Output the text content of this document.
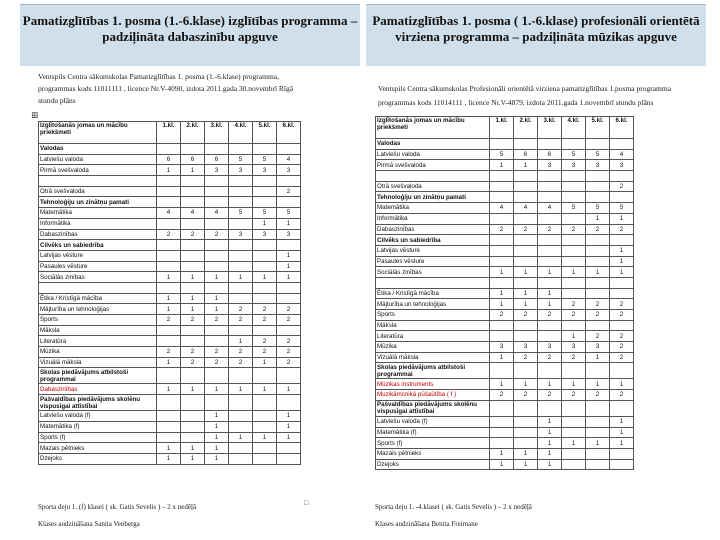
Pamatizglītības 1. posma (1.-6.klase) izglītības programma – padziļināta dabaszinību apguve
Pamatizglītības 1. posma ( 1.-6.klase) profesionāli orientētā virziena programma – padziļināta mūzikas apguve
Ventspils Centra sākumskolas Pamatizglītības 1. posma (1.-6.klase) programma,
programmas kods 11011111 , licence Nr.V-4090, izdota 2011.gada 30.novembrī Rīgā
stundu plāns
⊞
Izglītošanās jomas un mācību priekšmeti	1.kl.	2.kl.	3.kl.	4.kl.	5.kl.	6.kl.
Valodas						
Latviešu valoda	6	6	6	5	5	4
Pirmā svešvaloda	1	1	3	3	3	3

Otrā svešvaloda						2
Tehnoloģiju un zinātņu pamati						
Matemātika	4	4	4	5	5	5
Informātika					1	1
Dabaszinības	2	2	2	3	3	3
Cilvēks un sabiedrība						
Latvijas vēsture						1
Pasaules vēsture						1
Sociālās zinības	1	1	1	1	1	1

Ētika / Kristīgā mācība	1	1	1			
Mājturība un tehnoloģijas	1	1	1	2	2	2
Sports	2	2	2	2	2	2
Māksla						
Literatūra				1	2	2
Mūzika	2	2	2	2	2	2
Vizuālā māksla	1	2	2	2	1	2
Skolas piedāvājums atbilstoši programmai						
Dabaszinības	1	1	1	1	1	1
Pašvaldības piedāvājums skolēnu vispusīgai attīstībai						
Latviešu valoda (f)			1			1
Matemātika (f)			1			1
Sports (f)			1	1	1	1
Mazais pētnieks	1	1	1			
Dzejoks	1	1	1			
Sporta deju 1. (f) klasei ( sk. Gatis Sevelis ) – 2 x nedēļā
Klases audzināšana Sanita Venberga
□
Ventspils Centra sākumskolas Profesionāli orientētā virziena pamatizglītības 1.posma programma
programmas kods 11014111 , licence Nr.V-4879, izdota 2011.gada 1.novembrī stundu plāns
Izglītošanās jomas un mācību priekšmeti	1.kl.	2.kl.	3.kl.	4.kl.	5.kl.	6.kl.
Valodas						
Latviešu valoda	5	6	6	5	5	4
Pirmā svešvaloda	1	1	3	3	3	3

Otrā svešvaloda						2
Tehnoloģiju un zinātņu pamati						
Matemātika	4	4	4	5	5	5
Informātika					1	1
Dabaszinības	2	2	2	2	2	2
Cilvēks un sabiedrība						
Latvijas vēsture						1
Pasaules vēsture						1
Sociālās zinības	1	1	1	1	1	1

Ētika / Kristīgā mācība	1	1	1			
Mājturība un tehnoloģijas	1	1	1	2	2	2
Sports	2	2	2	2	2	2
Māksla						
Literatūra				1	2	2
Mūzika	3	3	3	3	3	2
Vizuālā māksla	1	2	2	2	1	2
Skolas piedāvājums atbilstoši programmai						
Mūzikas instruments	1	1	1	1	1	1
Muzikāmcnikā pūšaūtība ( f )	2	2	2	2	2	2
Pašvaldības piedāvājums skolēnu vispusīgai attīstībai						
Latviešu valoda (f)			1			1
Matemātika (f)			1			1
Sports (f)			1	1	1	1
Mazais pētnieks	1	1	1			
Dzejoks	1	1	1			
Sporta deju 1. -4.klasei ( sk. Gatis Sevelis ) – 2 x nedēļā
Klases audzināšana Benita Freimane
